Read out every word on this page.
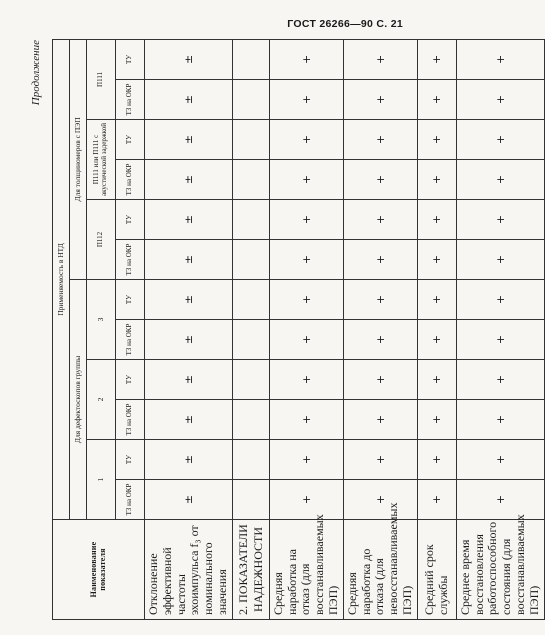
ГОСТ 26266—90 С. 21
Продолжение
Наименование показателя	Применяемость в НТД											
	Для дефектоскопов группы						Для толщиномеров с ПЭП					
	1		2		3		П112		П111 или П111 с акустической задержкой		П111	
	ТЗ на ОКР	ТУ	ТЗ на ОКР	ТУ	ТЗ на ОКР	ТУ	ТЗ на ОКР	ТУ	ТЗ на ОКР	ТУ	ТЗ на ОКР	ТУ
Отклонение эффективной частоты эхоимпульса f₃ от номинального значения	±	±	±	±	±	±	±	±	±	±	±	±
2. ПОКАЗАТЕЛИ НАДЕЖНОСТИ												
Средняя наработка на отказ (для восстанавливаемых ПЭП)	+	+	+	+	+	+	+	+	+	+	+	+
Средняя наработка до отказа (для невосстанавливаемых ПЭП)	+	+	+	+	+	+	+	+	+	+	+	+
Средний срок службы	+	+	+	+	+	+	+	+	+	+	+	+
Среднее время восстановления работоспособного состояния (для восстанавливаемых ПЭП)	+	+	+	+	+	+	+	+	+	+	+	+
